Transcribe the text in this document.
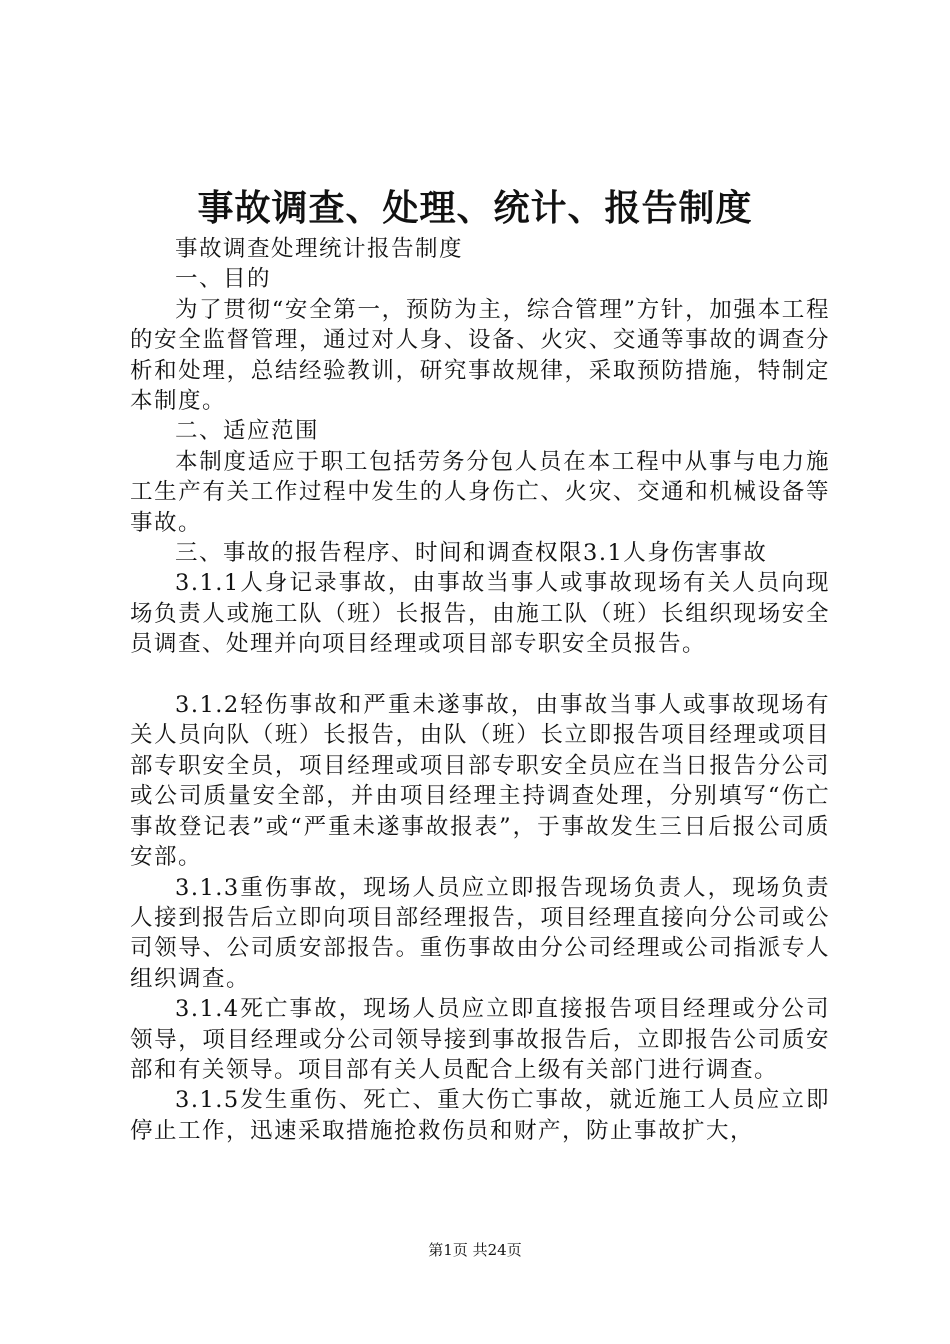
事故调查、处理、统计、报告制度

事故调查处理统计报告制度

一、目的

为了贯彻“安全第一，预防为主，综合管理”方针，加强本工程的安全监督管理，通过对人身、设备、火灾、交通等事故的调查分析和处理，总结经验教训，研究事故规律，采取预防措施，特制定本制度。

二、适应范围

本制度适应于职工包括劳务分包人员在本工程中从事与电力施工生产有关工作过程中发生的人身伤亡、火灾、交通和机械设备等事故。

三、事故的报告程序、时间和调查权限3.1人身伤害事故

3.1.1人身记录事故，由事故当事人或事故现场有关人员向现场负责人或施工队（班）长报告，由施工队（班）长组织现场安全员调查、处理并向项目经理或项目部专职安全员报告。

3.1.2轻伤事故和严重未遂事故，由事故当事人或事故现场有关人员向队（班）长报告，由队（班）长立即报告项目经理或项目部专职安全员，项目经理或项目部专职安全员应在当日报告分公司或公司质量安全部，并由项目经理主持调查处理，分别填写“伤亡事故登记表”或“严重未遂事故报表”，于事故发生三日后报公司质安部。

3.1.3重伤事故，现场人员应立即报告现场负责人，现场负责人接到报告后立即向项目部经理报告，项目经理直接向分公司或公司领导、公司质安部报告。重伤事故由分公司经理或公司指派专人组织调查。

3.1.4死亡事故，现场人员应立即直接报告项目经理或分公司领导，项目经理或分公司领导接到事故报告后，立即报告公司质安部和有关领导。项目部有关人员配合上级有关部门进行调查。

3.1.5发生重伤、死亡、重大伤亡事故，就近施工人员应立即停止工作，迅速采取措施抢救伤员和财产，防止事故扩大，

第1页 共24页
